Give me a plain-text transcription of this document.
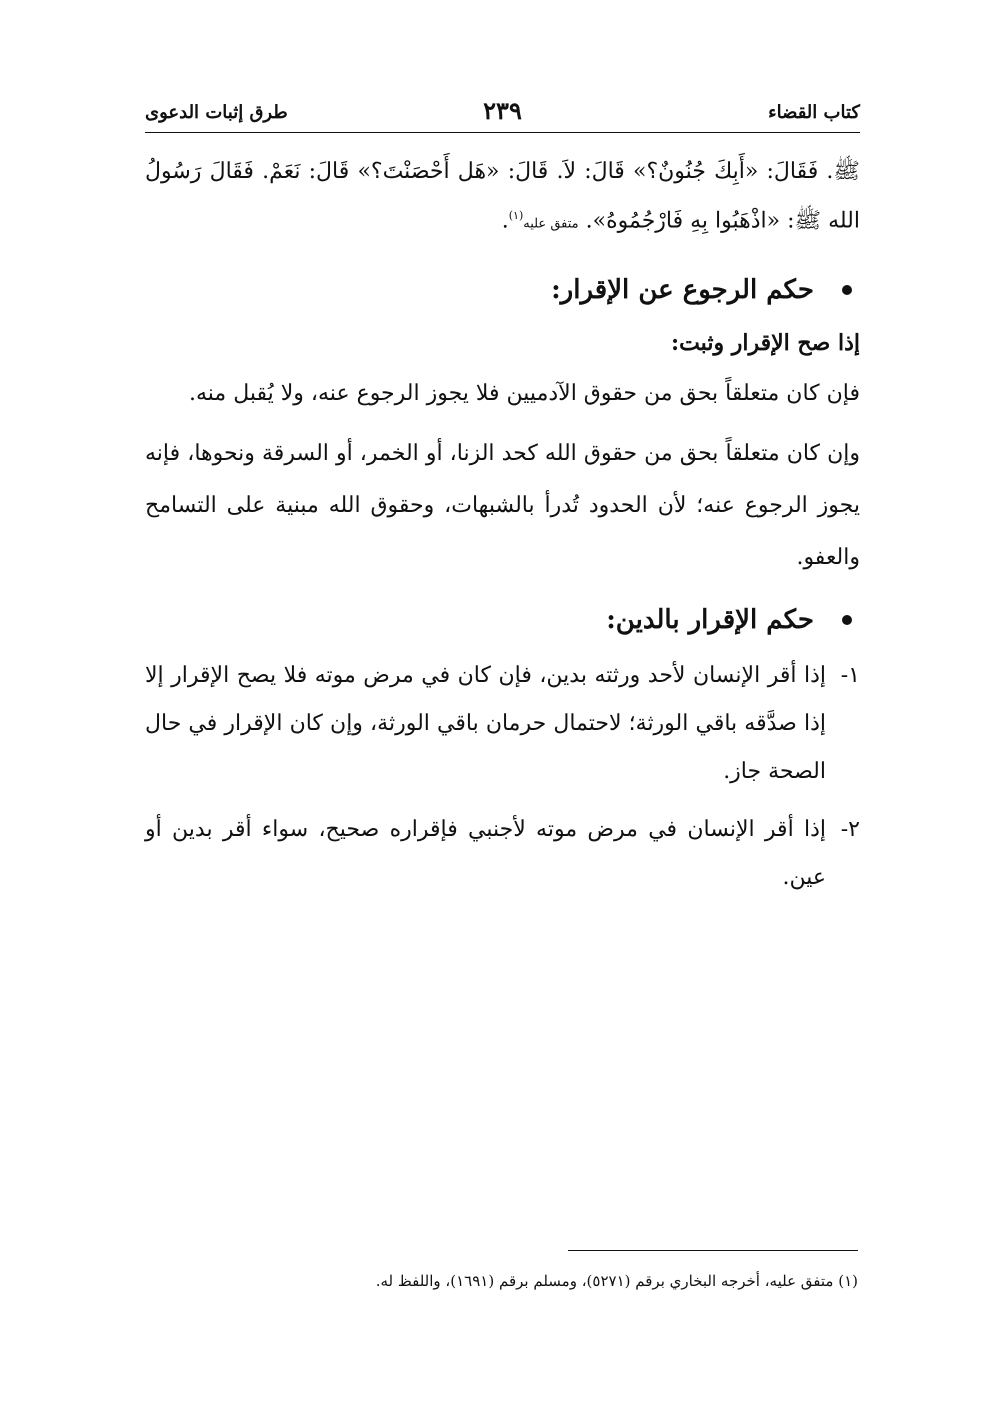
كتاب القضاء
٢٣٩
طرق إثبات الدعوى

ﷺ. فَقَالَ: «أَبِكَ جُنُونٌ؟» قَالَ: لاَ. قَالَ: «هَل أَحْصَنْتَ؟» قَالَ: نَعَمْ. فَقَالَ رَسُولُ الله ﷺ: «اذْهَبُوا بِهِ فَارْجُمُوهُ». متفق عليه$^{(١)}$.

حكم الرجوع عن الإقرار:
إذا صح الإقرار وثبت:

فإن كان متعلقاً بحق من حقوق الآدميين فلا يجوز الرجوع عنه، ولا يُقبل منه.

وإن كان متعلقاً بحق من حقوق الله كحد الزنا، أو الخمر، أو السرقة ونحوها، فإنه يجوز الرجوع عنه؛ لأن الحدود تُدرأ بالشبهات، وحقوق الله مبنية على التسامح والعفو.

حكم الإقرار بالدين:
١-
إذا أقر الإنسان لأحد ورثته بدين، فإن كان في مرض موته فلا يصح الإقرار إلا إذا صدَّقه باقي الورثة؛ لاحتمال حرمان باقي الورثة، وإن كان الإقرار في حال الصحة جاز.
٢-
إذا أقر الإنسان في مرض موته لأجنبي فإقراره صحيح، سواء أقر بدين أو عين.
(١) متفق عليه، أخرجه البخاري برقم (٥٢٧١)، ومسلم برقم (١٦٩١)، واللفظ له.
